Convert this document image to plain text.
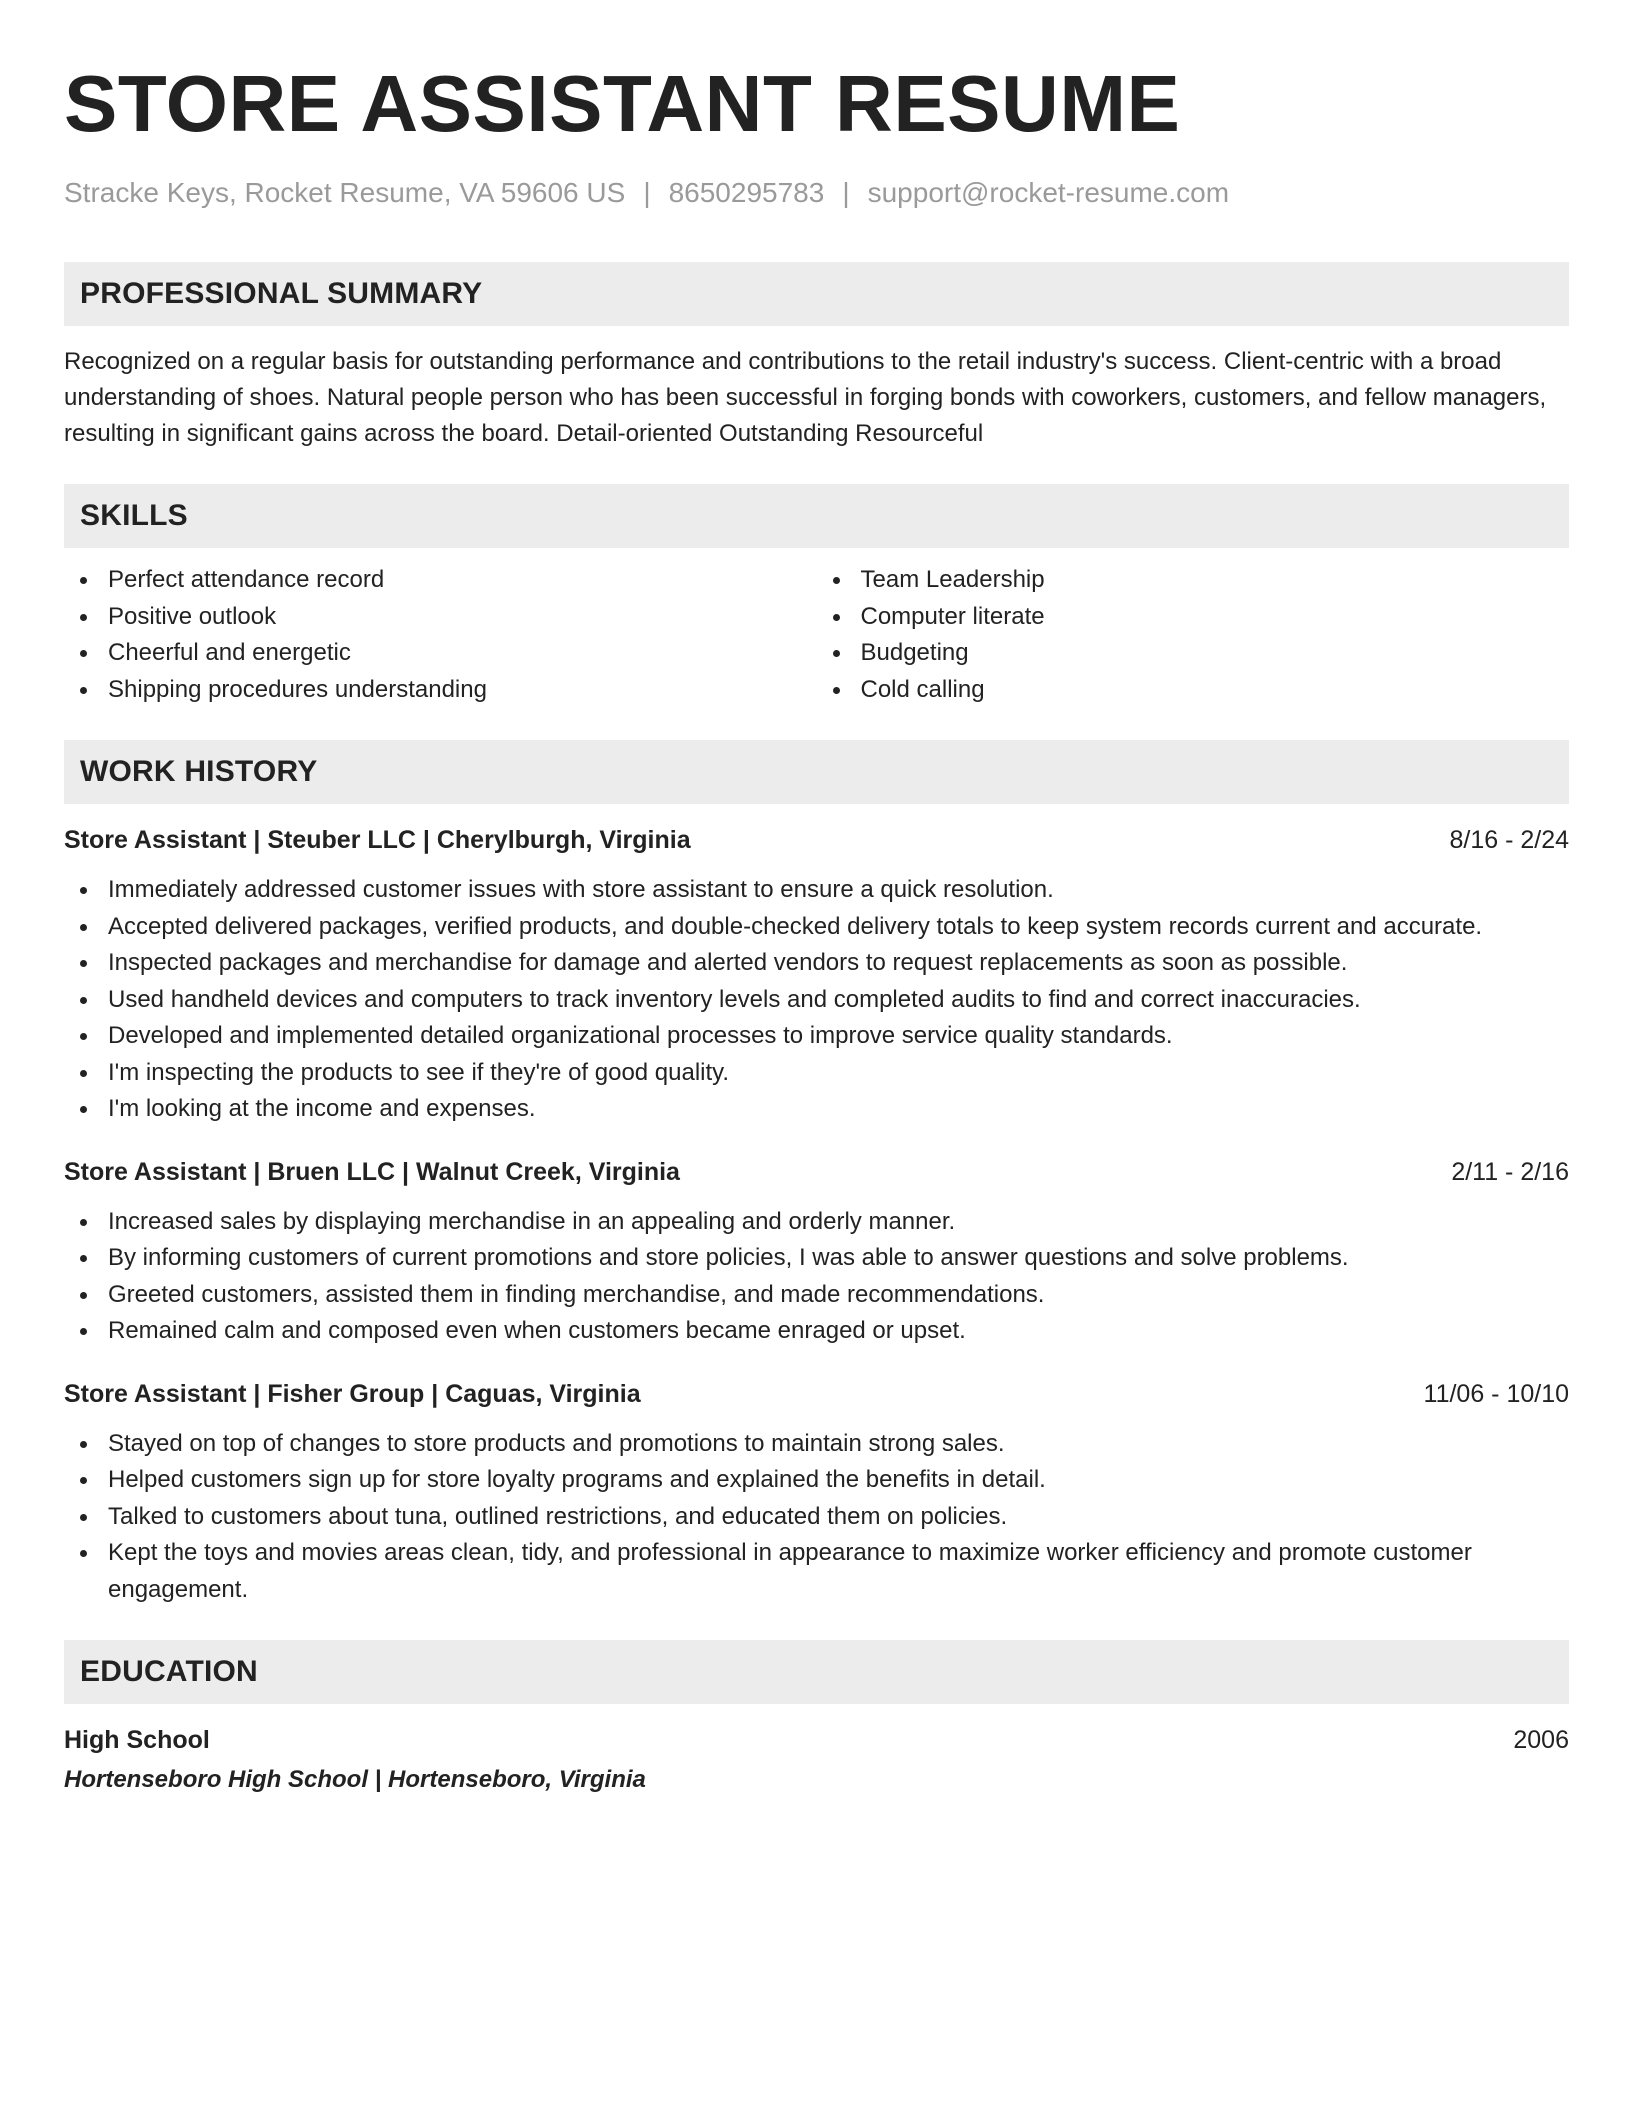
STORE ASSISTANT RESUME
Stracke Keys, Rocket Resume, VA 59606 US | 8650295783 | support@rocket-resume.com
PROFESSIONAL SUMMARY
Recognized on a regular basis for outstanding performance and contributions to the retail industry's success. Client-centric with a broad understanding of shoes. Natural people person who has been successful in forging bonds with coworkers, customers, and fellow managers, resulting in significant gains across the board. Detail-oriented Outstanding Resourceful
SKILLS
Perfect attendance record
Positive outlook
Cheerful and energetic
Shipping procedures understanding
Team Leadership
Computer literate
Budgeting
Cold calling
WORK HISTORY
Store Assistant | Steuber LLC | Cherylburgh, Virginia	8/16 - 2/24
Immediately addressed customer issues with store assistant to ensure a quick resolution.
Accepted delivered packages, verified products, and double-checked delivery totals to keep system records current and accurate.
Inspected packages and merchandise for damage and alerted vendors to request replacements as soon as possible.
Used handheld devices and computers to track inventory levels and completed audits to find and correct inaccuracies.
Developed and implemented detailed organizational processes to improve service quality standards.
I'm inspecting the products to see if they're of good quality.
I'm looking at the income and expenses.
Store Assistant | Bruen LLC | Walnut Creek, Virginia	2/11 - 2/16
Increased sales by displaying merchandise in an appealing and orderly manner.
By informing customers of current promotions and store policies, I was able to answer questions and solve problems.
Greeted customers, assisted them in finding merchandise, and made recommendations.
Remained calm and composed even when customers became enraged or upset.
Store Assistant | Fisher Group | Caguas, Virginia	11/06 - 10/10
Stayed on top of changes to store products and promotions to maintain strong sales.
Helped customers sign up for store loyalty programs and explained the benefits in detail.
Talked to customers about tuna, outlined restrictions, and educated them on policies.
Kept the toys and movies areas clean, tidy, and professional in appearance to maximize worker efficiency and promote customer engagement.
EDUCATION
High School	2006
Hortenseboro High School | Hortenseboro, Virginia
